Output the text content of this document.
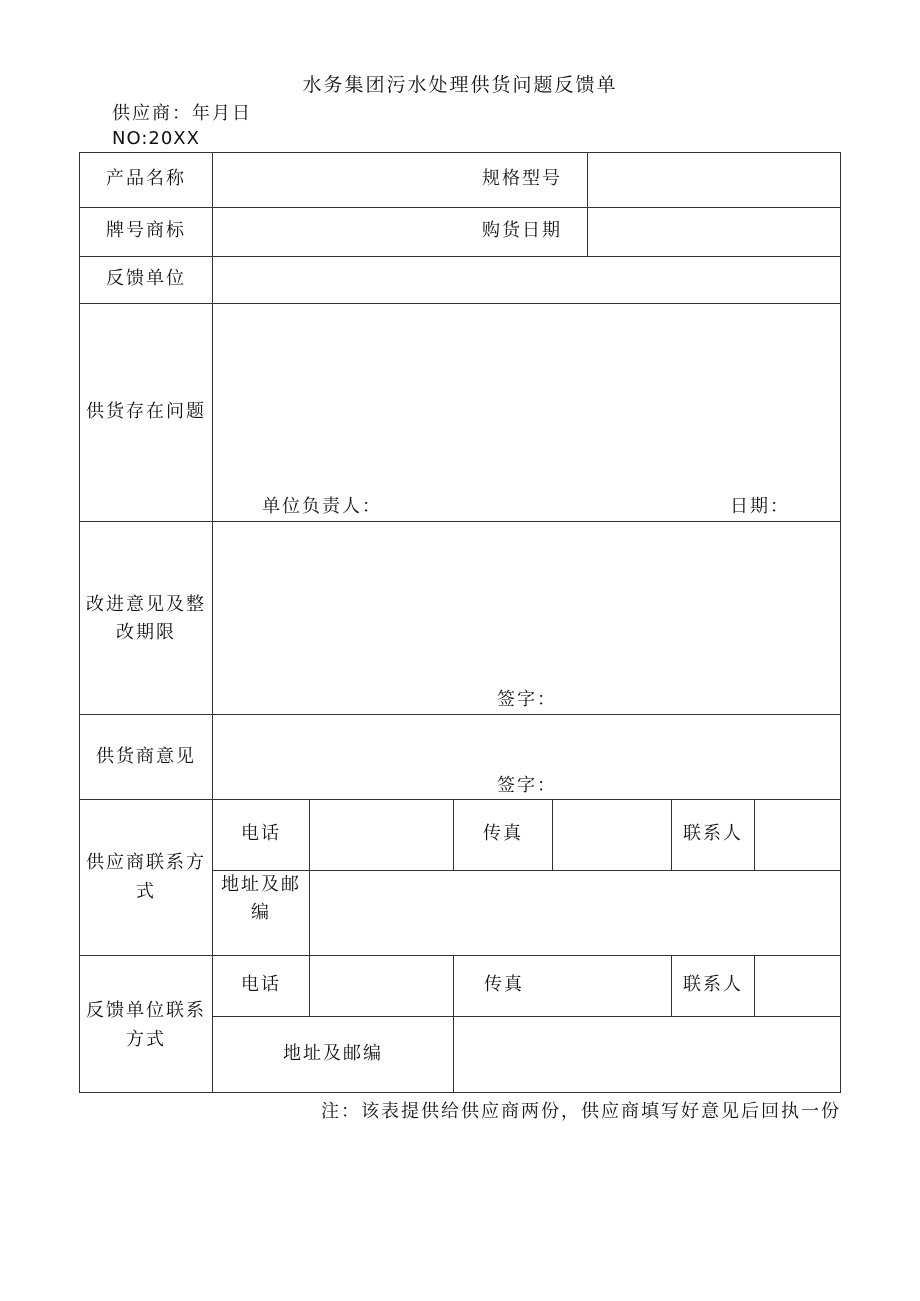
水务集团污水处理供货问题反馈单
供应商：年月日
NO:20XX
产品名称	规格型号
牌号商标	购货日期
反馈单位
供货存在问题
单位负责人：	日期：
改进意见及整
改期限
签字：
供货商意见
签字：
供应商联系方
式
电话	传真	联系人
地址及邮
编
反馈单位联系
方式
电话	传真	联系人
地址及邮编
注：该表提供给供应商两份，供应商填写好意见后回执一份
